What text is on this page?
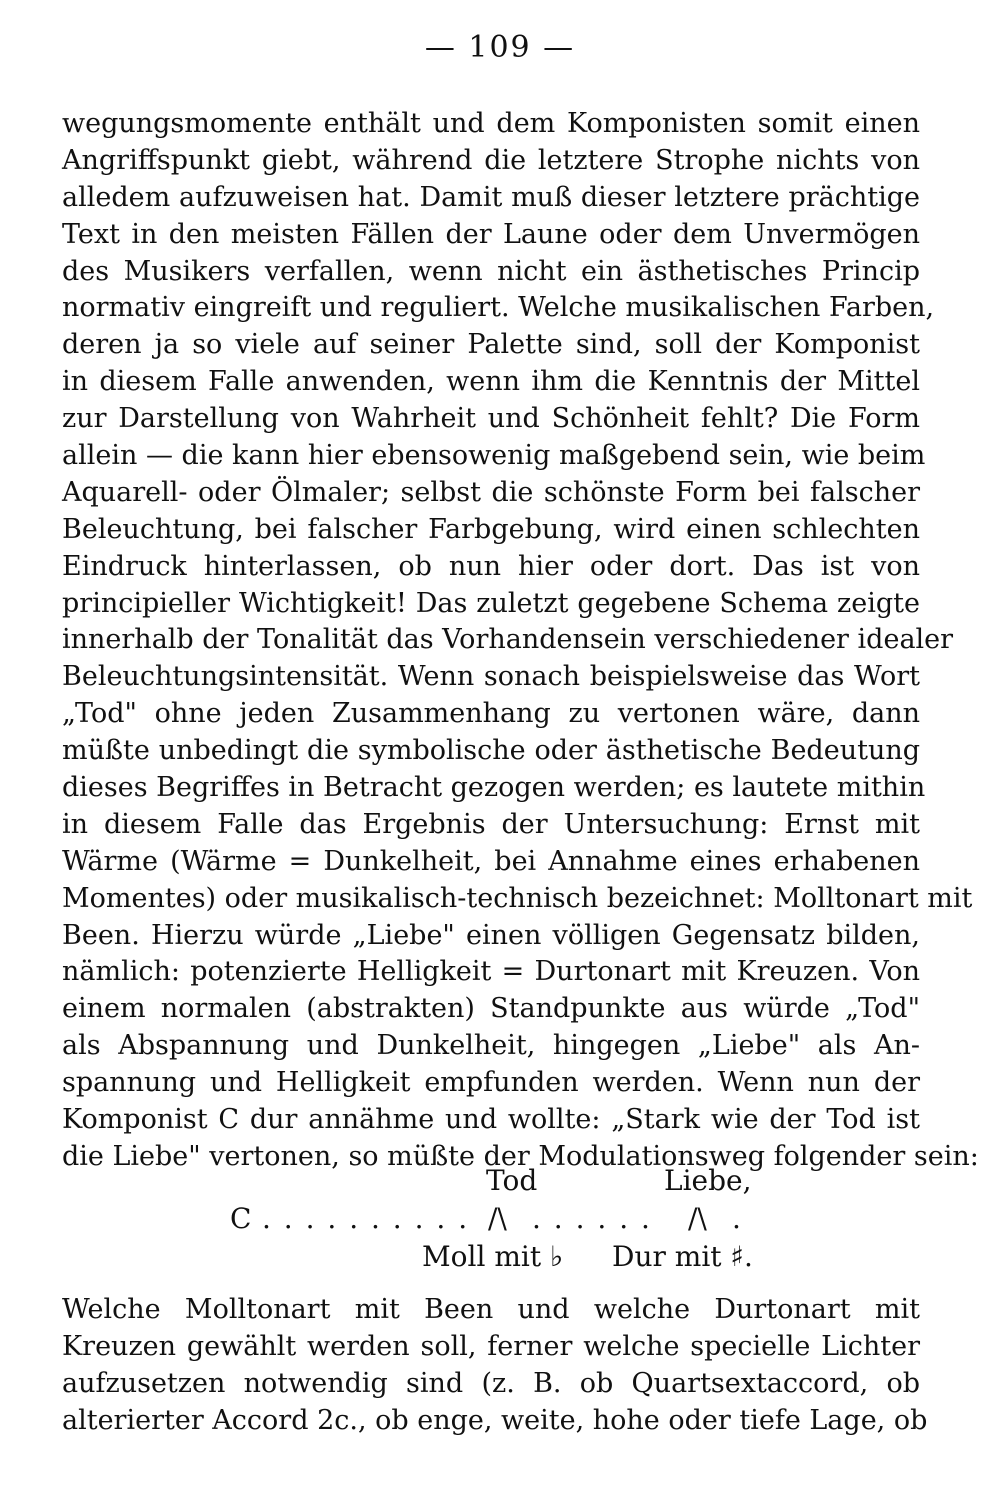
— 109 —
wegungsmomente enthält und dem Komponisten somit einen
Angriffspunkt giebt, während die letztere Strophe nichts von
alledem aufzuweisen hat. Damit muß dieser letztere prächtige
Text in den meisten Fällen der Laune oder dem Unvermögen
des Musikers verfallen, wenn nicht ein ästhetisches Princip
normativ eingreift und reguliert. Welche musikalischen Farben,
deren ja so viele auf seiner Palette sind, soll der Komponist
in diesem Falle anwenden, wenn ihm die Kenntnis der Mittel
zur Darstellung von Wahrheit und Schönheit fehlt? Die Form
allein — die kann hier ebensowenig maßgebend sein, wie beim
Aquarell- oder Ölmaler; selbst die schönste Form bei falscher
Beleuchtung, bei falscher Farbgebung, wird einen schlechten
Eindruck hinterlassen, ob nun hier oder dort. Das ist von
principieller Wichtigkeit! Das zuletzt gegebene Schema zeigte
innerhalb der Tonalität das Vorhandensein verschiedener idealer
Beleuchtungsintensität. Wenn sonach beispielsweise das Wort
„Tod" ohne jeden Zusammenhang zu vertonen wäre, dann
müßte unbedingt die symbolische oder ästhetische Bedeutung
dieses Begriffes in Betracht gezogen werden; es lautete mithin
in diesem Falle das Ergebnis der Untersuchung: Ernst mit
Wärme (Wärme = Dunkelheit, bei Annahme eines erhabenen
Momentes) oder musikalisch-technisch bezeichnet: Molltonart mit
Been. Hierzu würde „Liebe" einen völligen Gegensatz bilden,
nämlich: potenzierte Helligkeit = Durtonart mit Kreuzen. Von
einem normalen (abstrakten) Standpunkte aus würde „Tod"
als Abspannung und Dunkelheit, hingegen „Liebe" als An-
spannung und Helligkeit empfunden werden. Wenn nun der
Komponist C dur annähme und wollte: „Stark wie der Tod ist
die Liebe" vertonen, so müßte der Modulationsweg folgender sein:
Tod	Liebe,
C . . . . . . . . . . /\ . . . . . . /\ .
Moll mit ♭ Dur mit ♯.
Welche Molltonart mit Been und welche Durtonart mit
Kreuzen gewählt werden soll, ferner welche specielle Lichter
aufzusetzen notwendig sind (z. B. ob Quartsextaccord, ob
alterierter Accord 2c., ob enge, weite, hohe oder tiefe Lage, ob
